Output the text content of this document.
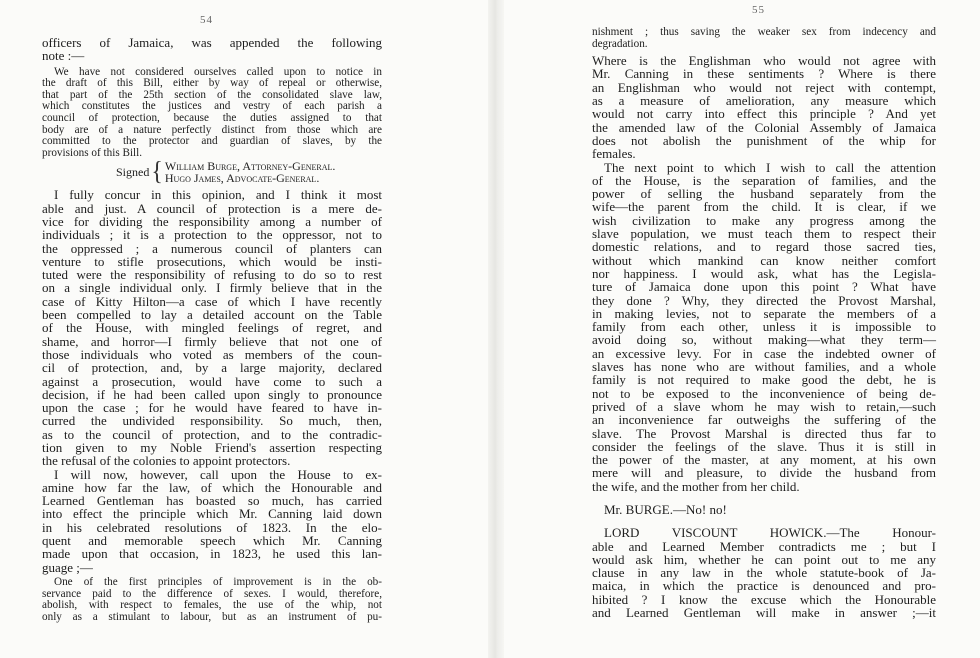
54
officers of Jamaica, was appended the following
note :—
We have not considered ourselves called upon to notice in
the draft of this Bill, either by way of repeal or otherwise,
that part of the 25th section of the consolidated slave law,
which constitutes the justices and vestry of each parish a
council of protection, because the duties assigned to that
body are of a nature perfectly distinct from those which are
committed to the protector and guardian of slaves, by the
provisions of this Bill.
Signed { William Burge, Attorney-General.
Hugo James, Advocate-General.
I fully concur in this opinion, and I think it most
able and just. A council of protection is a mere de-
vice for dividing the responsibility among a number of
individuals ; it is a protection to the oppressor, not to
the oppressed ; a numerous council of planters can
venture to stifle prosecutions, which would be insti-
tuted were the responsibility of refusing to do so to rest
on a single individual only. I firmly believe that in the
case of Kitty Hilton—a case of which I have recently
been compelled to lay a detailed account on the Table
of the House, with mingled feelings of regret, and
shame, and horror—I firmly believe that not one of
those individuals who voted as members of the coun-
cil of protection, and, by a large majority, declared
against a prosecution, would have come to such a
decision, if he had been called upon singly to pronounce
upon the case ; for he would have feared to have in-
curred the undivided responsibility. So much, then,
as to the council of protection, and to the contradic-
tion given to my Noble Friend's assertion respecting
the refusal of the colonies to appoint protectors.
I will now, however, call upon the House to ex-
amine how far the law, of which the Honourable and
Learned Gentleman has boasted so much, has carried
into effect the principle which Mr. Canning laid down
in his celebrated resolutions of 1823. In the elo-
quent and memorable speech which Mr. Canning
made upon that occasion, in 1823, he used this lan-
guage ;—
One of the first principles of improvement is in the ob-
servance paid to the difference of sexes. I would, therefore,
abolish, with respect to females, the use of the whip, not
only as a stimulant to labour, but as an instrument of pu-
55
nishment ; thus saving the weaker sex from indecency and
degradation.
Where is the Englishman who would not agree with
Mr. Canning in these sentiments ? Where is there
an Englishman who would not reject with contempt,
as a measure of amelioration, any measure which
would not carry into effect this principle ? And yet
the amended law of the Colonial Assembly of Jamaica
does not abolish the punishment of the whip for
females.
The next point to which I wish to call the attention
of the House, is the separation of families, and the
power of selling the husband separately from the
wife—the parent from the child. It is clear, if we
wish civilization to make any progress among the
slave population, we must teach them to respect their
domestic relations, and to regard those sacred ties,
without which mankind can know neither comfort
nor happiness. I would ask, what has the Legisla-
ture of Jamaica done upon this point ? What have
they done ? Why, they directed the Provost Marshal,
in making levies, not to separate the members of a
family from each other, unless it is impossible to
avoid doing so, without making—what they term—
an excessive levy. For in case the indebted owner of
slaves has none who are without families, and a whole
family is not required to make good the debt, he is
not to be exposed to the inconvenience of being de-
prived of a slave whom he may wish to retain,—such
an inconvenience far outweighs the suffering of the
slave. The Provost Marshal is directed thus far to
consider the feelings of the slave. Thus it is still in
the power of the master, at any moment, at his own
mere will and pleasure, to divide the husband from
the wife, and the mother from her child.
Mr. BURGE.—No! no!
LORD VISCOUNT HOWICK.—The Honour-
able and Learned Member contradicts me ; but I
would ask him, whether he can point out to me any
clause in any law in the whole statute-book of Ja-
maica, in which the practice is denounced and pro-
hibited ? I know the excuse which the Honourable
and Learned Gentleman will make in answer ;—it
